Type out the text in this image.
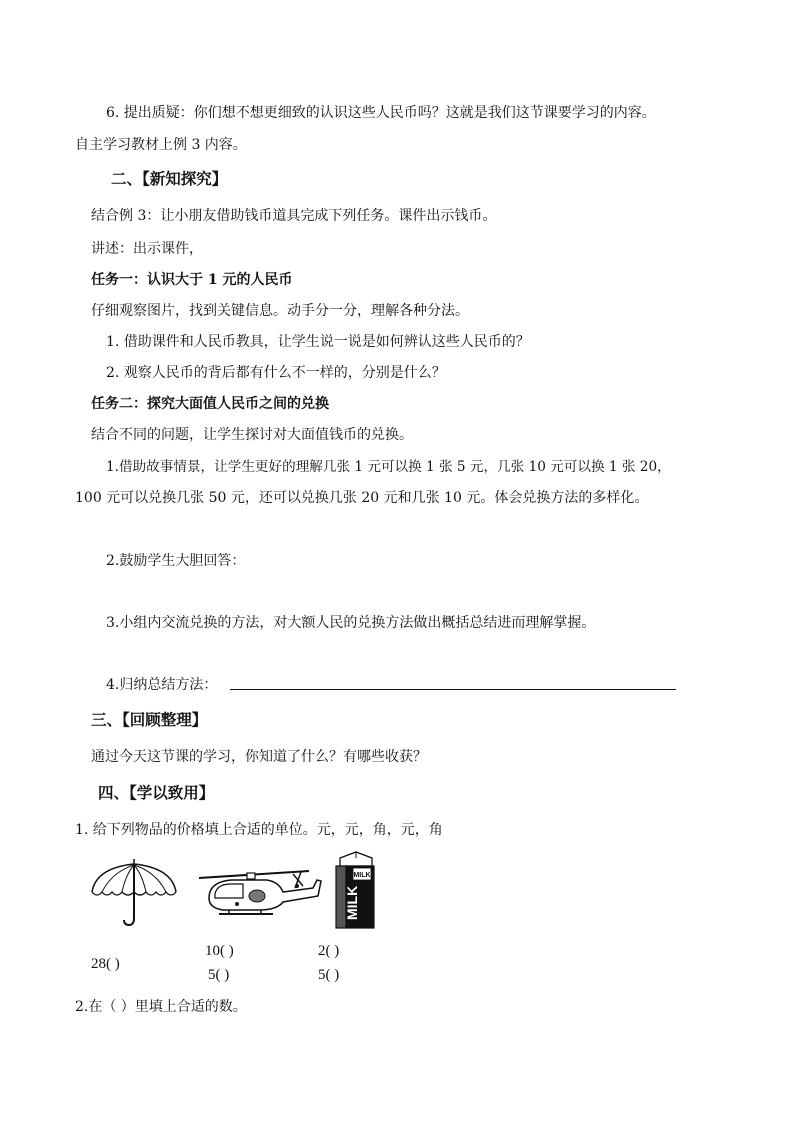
6. 提出质疑：你们想不想更细致的认识这些人民币吗？这就是我们这节课要学习的内容。
自主学习教材上例 3 内容。
二、【新知探究】
结合例 3：让小朋友借助钱币道具完成下列任务。课件出示钱币。
讲述：出示课件，
任务一：认识大于 1 元的人民币
仔细观察图片，找到关键信息。动手分一分，理解各种分法。
1. 借助课件和人民币教具，让学生说一说是如何辨认这些人民币的？
2. 观察人民币的背后都有什么不一样的，分别是什么？
任务二：探究大面值人民币之间的兑换
结合不同的问题，让学生探讨对大面值钱币的兑换。
1.借助故事情景，让学生更好的理解几张 1 元可以换 1 张 5 元，几张 10 元可以换 1 张 20，
100 元可以兑换几张 50 元，还可以兑换几张 20 元和几张 10 元。体会兑换方法的多样化。
2.鼓励学生大胆回答：
3.小组内交流兑换的方法，对大额人民的兑换方法做出概括总结进而理解掌握。
4.归纳总结方法：
三、【回顾整理】
通过今天这节课的学习，你知道了什么？有哪些收获？
四、【学以致用】
1. 给下列物品的价格填上合适的单位。元，元，角，元，角
MILK
MILK
28( )
10( )
5( )
2( )
5( )
2.在（ ）里填上合适的数。
